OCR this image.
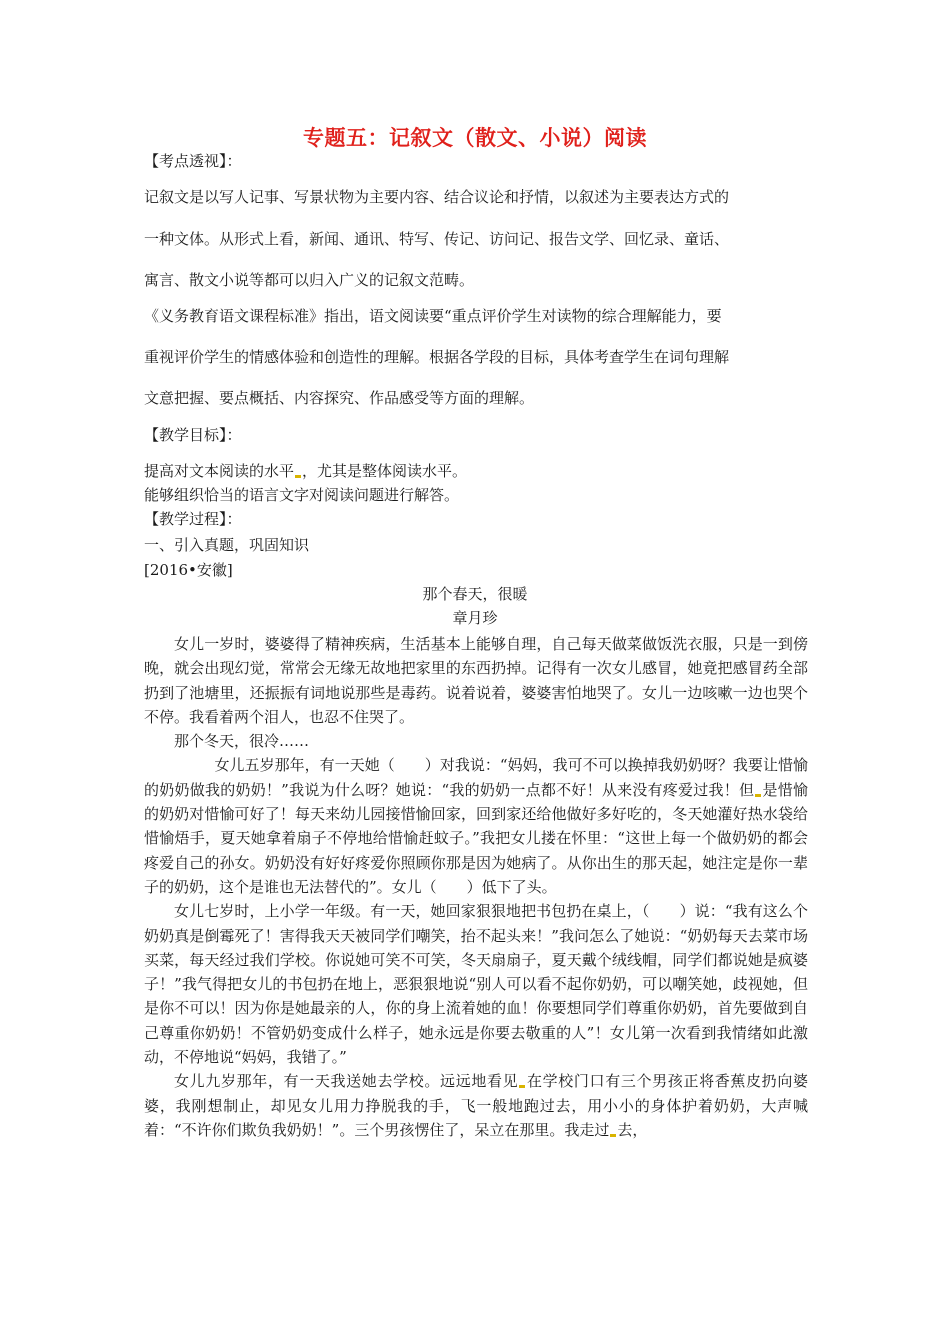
专题五：记叙文（散文、小说）阅读
【考点透视】：
记叙文是以写人记事、写景状物为主要内容、结合议论和抒情，以叙述为主要表达方式的
一种文体。从形式上看，新闻、通讯、特写、传记、访问记、报告文学、回忆录、童话、
寓言、散文小说等都可以归入广义的记叙文范畴。
《义务教育语文课程标准》指出，语文阅读要“重点评价学生对读物的综合理解能力，要
重视评价学生的情感体验和创造性的理解。根据各学段的目标，具体考查学生在词句理解
文意把握、要点概括、内容探究、作品感受等方面的理解。
【教学目标】：
提高对文本阅读的水平 ，尤其是整体阅读水平。
能够组织恰当的语言文字对阅读问题进行解答。
【教学过程】：
一、引入真题，巩固知识
[2016•安徽]
那个春天，很暖
章月珍

女儿一岁时，婆婆得了精神疾病，生活基本上能够自理，自己每天做菜做饭洗衣服，只是一到傍晚，就会出现幻觉，常常会无缘无故地把家里的东西扔掉。记得有一次女儿感冒，她竟把感冒药全部扔到了池塘里，还振振有词地说那些是毒药。说着说着，婆婆害怕地哭了。女儿一边咳嗽一边也哭个不停。我看着两个泪人，也忍不住哭了。

那个冬天，很冷……

女儿五岁那年，有一天她（　　）对我说：“妈妈，我可不可以换掉我奶奶呀？我要让惜愉的奶奶做我的奶奶！”我说为什么呀？她说：“我的奶奶一点都不好！从来没有疼爱过我！但 是惜愉的奶奶对惜愉可好了！每天来幼儿园接惜愉回家，回到家还给他做好多好吃的，冬天她灌好热水袋给惜愉焐手，夏天她拿着扇子不停地给惜愉赶蚊子。”我把女儿搂在怀里：“这世上每一个做奶奶的都会疼爱自己的孙女。奶奶没有好好疼爱你照顾你那是因为她病了。从你出生的那天起，她注定是你一辈子的奶奶，这个是谁也无法替代的”。女儿（　　）低下了头。

女儿七岁时，上小学一年级。有一天，她回家狠狠地把书包扔在桌上，（　　）说：“我有这么个奶奶真是倒霉死了！害得我天天被同学们嘲笑，抬不起头来！”我问怎么了她说：“奶奶每天去菜市场买菜，每天经过我们学校。你说她可笑不可笑，冬天扇扇子，夏天戴个绒线帽，同学们都说她是疯婆子！”我气得把女儿的书包扔在地上，恶狠狠地说“别人可以看不起你奶奶，可以嘲笑她，歧视她，但是你不可以！因为你是她最亲的人，你的身上流着她的血！你要想同学们尊重你奶奶，首先要做到自己尊重你奶奶！不管奶奶变成什么样子，她永远是你要去敬重的人”！女儿第一次看到我情绪如此激动，不停地说“妈妈，我错了。”

女儿九岁那年，有一天我送她去学校。远远地看见 在学校门口有三个男孩正将香蕉皮扔向婆婆，我刚想制止，却见女儿用力挣脱我的手，飞一般地跑过去，用小小的身体护着奶奶，大声喊着：“不许你们欺负我奶奶！”。三个男孩愣住了，呆立在那里。我走过 去，
